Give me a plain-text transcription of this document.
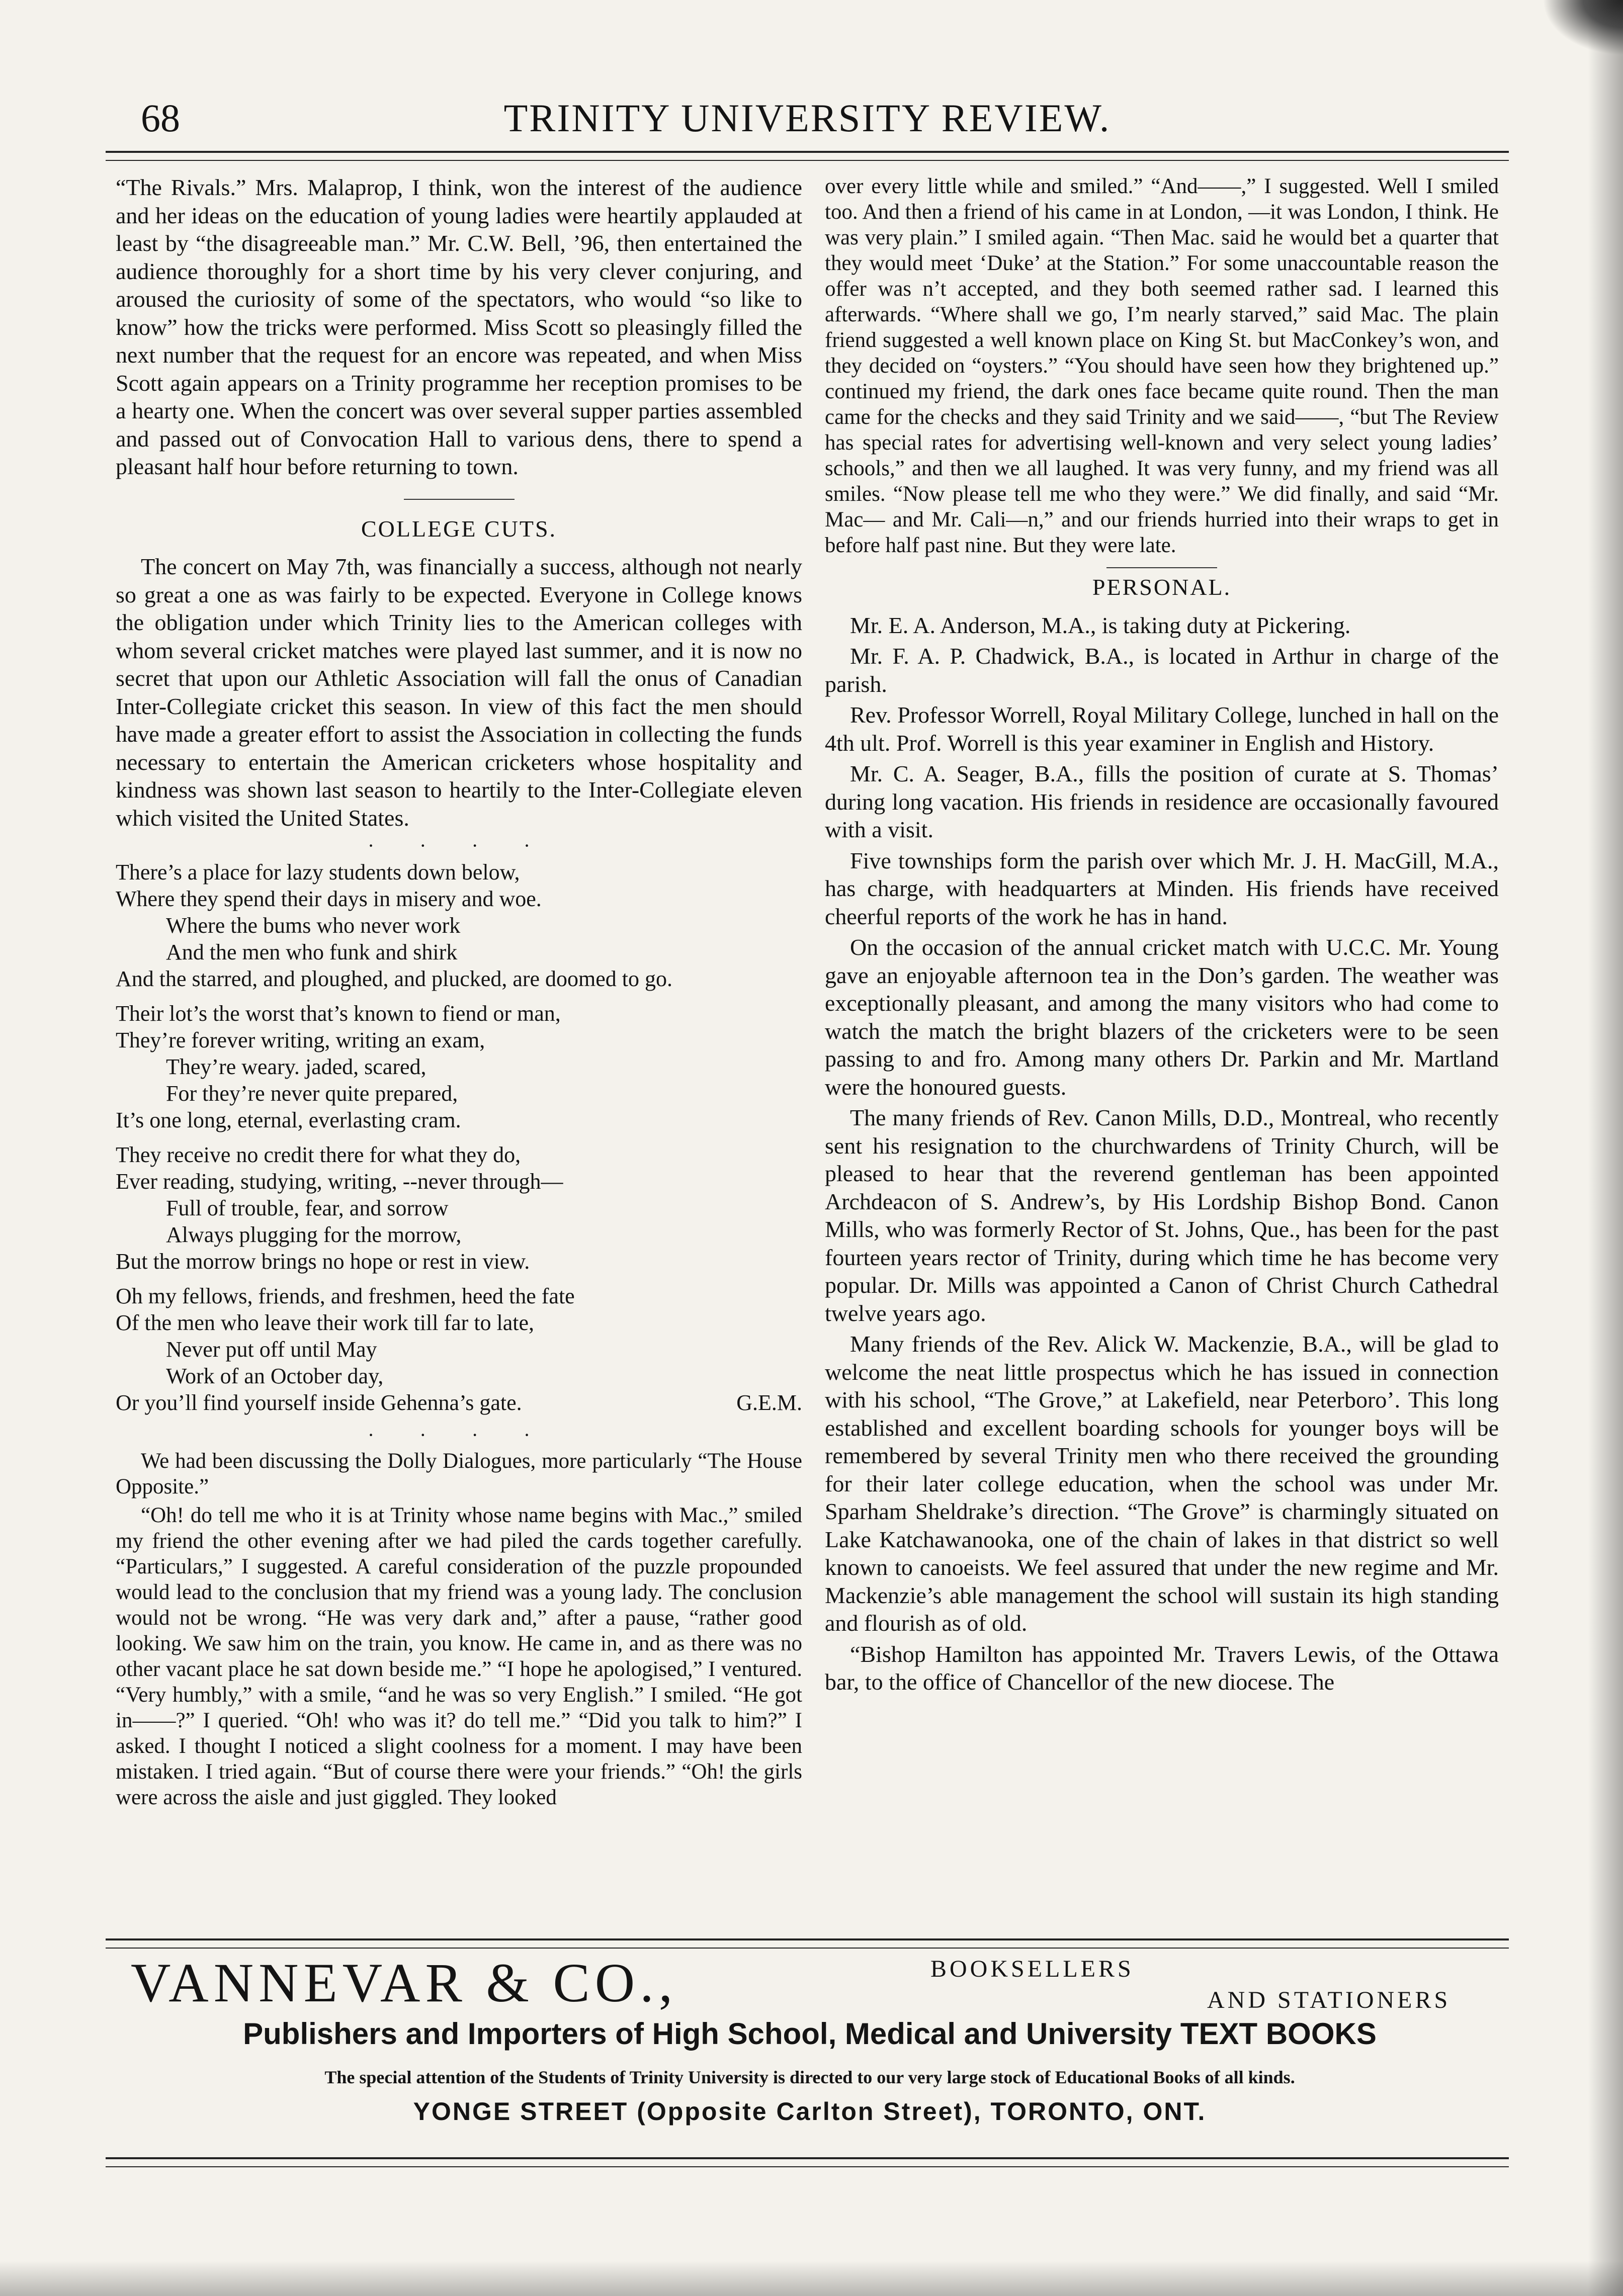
68	TRINITY UNIVERSITY REVIEW.

“The Rivals.” Mrs. Malaprop, I think, won the interest of the audience and her ideas on the education of young ladies were heartily applauded at least by “the disagreeable man.” Mr. C.W. Bell, ’96, then entertained the audience thoroughly for a short time by his very clever conjuring, and aroused the curiosity of some of the spectators, who would “so like to know” how the tricks were performed. Miss Scott so pleasingly filled the next number that the request for an encore was repeated, and when Miss Scott again appears on a Trinity programme her reception promises to be a hearty one. When the concert was over several supper parties assembled and passed out of Convocation Hall to various dens, there to spend a pleasant half hour before returning to town.

COLLEGE CUTS.

The concert on May 7th, was financially a success, although not nearly so great a one as was fairly to be expected. Everyone in College knows the obligation under which Trinity lies to the American colleges with whom several cricket matches were played last summer, and it is now no secret that upon our Athletic Association will fall the onus of Canadian Inter-Collegiate cricket this season. In view of this fact the men should have made a greater effort to assist the Association in collecting the funds necessary to entertain the American cricketers whose hospitality and kindness was shown last season to heartily to the Inter-Collegiate eleven which visited the United States.

· · · ·
There’s a place for lazy students down below,
Where they spend their days in misery and woe.
Where the bums who never work
And the men who funk and shirk
And the starred, and ploughed, and plucked, are doomed to go.
Their lot’s the worst that’s known to fiend or man,
They’re forever writing, writing an exam,
They’re weary. jaded, scared,
For they’re never quite prepared,
It’s one long, eternal, everlasting cram.
They receive no credit there for what they do,
Ever reading, studying, writing, --never through—
Full of trouble, fear, and sorrow
Always plugging for the morrow,
But the morrow brings no hope or rest in view.
Oh my fellows, friends, and freshmen, heed the fate
Of the men who leave their work till far to late,
Never put off until May
Work of an October day,
Or you’ll find yourself inside Gehenna’s gate.	G.E.M.
· · · ·

We had been discussing the Dolly Dialogues, more particularly “The House Opposite.”

“Oh! do tell me who it is at Trinity whose name begins with Mac.,” smiled my friend the other evening after we had piled the cards together carefully. “Particulars,” I suggested. A careful consideration of the puzzle propounded would lead to the conclusion that my friend was a young lady. The conclusion would not be wrong. “He was very dark and,” after a pause, “rather good looking. We saw him on the train, you know. He came in, and as there was no other vacant place he sat down beside me.” “I hope he apologised,” I ventured. “Very humbly,” with a smile, “and he was so very English.” I smiled. “He got in——?” I queried. “Oh! who was it? do tell me.” “Did you talk to him?” I asked. I thought I noticed a slight coolness for a moment. I may have been mistaken. I tried again. “But of course there were your friends.” “Oh! the girls were across the aisle and just giggled. They looked

over every little while and smiled.” “And——,” I suggested. Well I smiled too. And then a friend of his came in at London, —it was London, I think. He was very plain.” I smiled again. “Then Mac. said he would bet a quarter that they would meet ‘Duke’ at the Station.” For some unaccountable reason the offer was n’t accepted, and they both seemed rather sad. I learned this afterwards. “Where shall we go, I’m nearly starved,” said Mac. The plain friend suggested a well known place on King St. but MacConkey’s won, and they decided on “oysters.” “You should have seen how they brightened up.” continued my friend, the dark ones face became quite round. Then the man came for the checks and they said Trinity and we said——, “but The Review has special rates for advertising well-known and very select young ladies’ schools,” and then we all laughed. It was very funny, and my friend was all smiles. “Now please tell me who they were.” We did finally, and said “Mr. Mac— and Mr. Cali—n,” and our friends hurried into their wraps to get in before half past nine. But they were late.

PERSONAL.

Mr. E. A. Anderson, M.A., is taking duty at Pickering.

Mr. F. A. P. Chadwick, B.A., is located in Arthur in charge of the parish.

Rev. Professor Worrell, Royal Military College, lunched in hall on the 4th ult. Prof. Worrell is this year examiner in English and History.

Mr. C. A. Seager, B.A., fills the position of curate at S. Thomas’ during long vacation. His friends in residence are occasionally favoured with a visit.

Five townships form the parish over which Mr. J. H. MacGill, M.A., has charge, with headquarters at Minden. His friends have received cheerful reports of the work he has in hand.

On the occasion of the annual cricket match with U.C.C. Mr. Young gave an enjoyable afternoon tea in the Don’s garden. The weather was exceptionally pleasant, and among the many visitors who had come to watch the match the bright blazers of the cricketers were to be seen passing to and fro. Among many others Dr. Parkin and Mr. Martland were the honoured guests.

The many friends of Rev. Canon Mills, D.D., Montreal, who recently sent his resignation to the churchwardens of Trinity Church, will be pleased to hear that the reverend gentleman has been appointed Archdeacon of S. Andrew’s, by His Lordship Bishop Bond. Canon Mills, who was formerly Rector of St. Johns, Que., has been for the past fourteen years rector of Trinity, during which time he has become very popular. Dr. Mills was appointed a Canon of Christ Church Cathedral twelve years ago.

Many friends of the Rev. Alick W. Mackenzie, B.A., will be glad to welcome the neat little prospectus which he has issued in connection with his school, “The Grove,” at Lakefield, near Peterboro’. This long established and excellent boarding schools for younger boys will be remembered by several Trinity men who there received the grounding for their later college education, when the school was under Mr. Sparham Sheldrake’s direction. “The Grove” is charmingly situated on Lake Katchawanooka, one of the chain of lakes in that district so well known to canoeists. We feel assured that under the new regime and Mr. Mackenzie’s able management the school will sustain its high standing and flourish as of old.

“Bishop Hamilton has appointed Mr. Travers Lewis, of the Ottawa bar, to the office of Chancellor of the new diocese. The

VANNEVAR & CO.,	BOOKSELLERS
AND STATIONERS
Publishers and Importers of High School, Medical and University TEXT BOOKS
The special attention of the Students of Trinity University is directed to our very large stock of Educational Books of all kinds.
YONGE STREET (Opposite Carlton Street), TORONTO, ONT.
